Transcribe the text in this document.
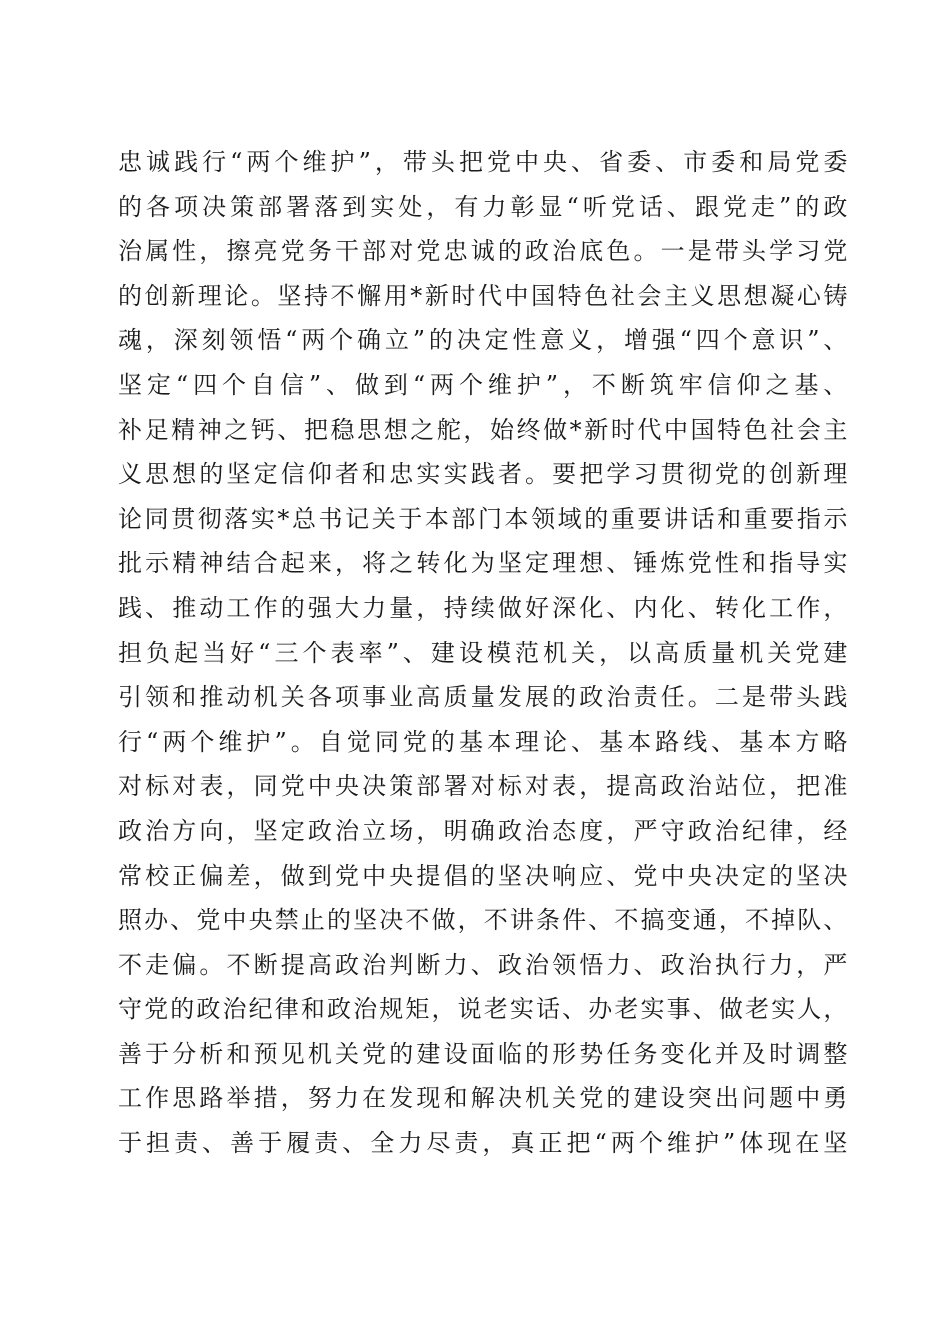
忠诚践行“两个维护”，带头把党中央、省委、市委和局党委
的各项决策部署落到实处，有力彰显“听党话、跟党走”的政
治属性，擦亮党务干部对党忠诚的政治底色。一是带头学习党
的创新理论。坚持不懈用*新时代中国特色社会主义思想凝心铸
魂，深刻领悟“两个确立”的决定性意义，增强“四个意识”、
坚定“四个自信”、做到“两个维护”，不断筑牢信仰之基、
补足精神之钙、把稳思想之舵，始终做*新时代中国特色社会主
义思想的坚定信仰者和忠实实践者。要把学习贯彻党的创新理
论同贯彻落实*总书记关于本部门本领域的重要讲话和重要指示
批示精神结合起来，将之转化为坚定理想、锤炼党性和指导实
践、推动工作的强大力量，持续做好深化、内化、转化工作，
担负起当好“三个表率”、建设模范机关，以高质量机关党建
引领和推动机关各项事业高质量发展的政治责任。二是带头践
行“两个维护”。自觉同党的基本理论、基本路线、基本方略
对标对表，同党中央决策部署对标对表，提高政治站位，把准
政治方向，坚定政治立场，明确政治态度，严守政治纪律，经
常校正偏差，做到党中央提倡的坚决响应、党中央决定的坚决
照办、党中央禁止的坚决不做，不讲条件、不搞变通，不掉队、
不走偏。不断提高政治判断力、政治领悟力、政治执行力，严
守党的政治纪律和政治规矩，说老实话、办老实事、做老实人，
善于分析和预见机关党的建设面临的形势任务变化并及时调整
工作思路举措，努力在发现和解决机关党的建设突出问题中勇
于担责、善于履责、全力尽责，真正把“两个维护”体现在坚
